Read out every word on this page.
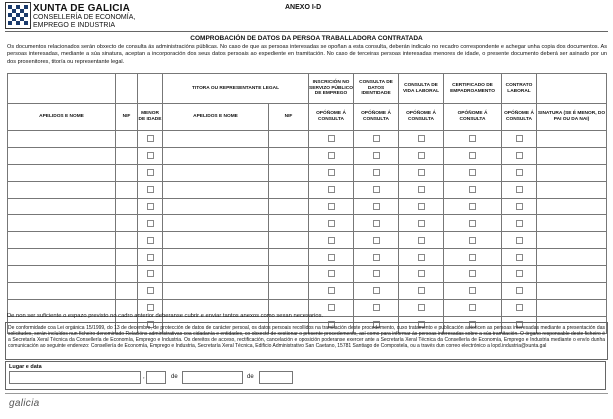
XUNTA DE GALICIA
CONSELLERÍA DE ECONOMÍA,
EMPREGO E INDUSTRIA
ANEXO I-D
COMPROBACIÓN DE DATOS DA PERSOA TRABALLADORA CONTRATADA
Os documentos relacionados serán obxecto de consulta ás administracións públicas. No caso de que as persoas interesadas se opoñan a esta consulta, deberán indicalo no recadro correspondente e achegar unha copia dos documentos. As persoas interesadas, mediante a súa sinatura, aceptan a incorporación dos seus datos persoais ao expediente en tramitación. No caso de terceiras persoas interesadas menores de idade, o presente documento deberá ser asinado por un dos proxenitores, titor/a ou representante legal.
			TITORA OU REPRESENTANTE LEGAL		INSCRICIÓN NO SERVIZO PÚBLICO DE EMPREGO	CONSULTA DE DATOS IDENTIDADE	CONSULTA DE VIDA LABORAL	CERTIFICADO DE EMPADROAMENTO	CONTRATO LABORAL	
APELIDOS E NOME	NIF	MENOR DE IDADE	APELIDOS E NOME	NIF	OPÓÑOME Á CONSULTA	OPÓÑOME Á CONSULTA	OPÓÑOME Á CONSULTA	OPÓÑOME Á CONSULTA	OPÓÑOME Á CONSULTA	SINATURA (SE É MENOR, DO PAI OU DA NAI)

De non ser suficiente o espazo previsto no cadro anterior deberanse cubrir e enviar tantos anexos como sexan necesarios.
De conformidade coa Lei orgánica 15/1999, do 13 de decembro, de protección de datos de carácter persoal, os datos persoais recollidos na tramitación deste procedemento, cuxo tratamento e publicación autoricen as persoas interesadas mediante a presentación das solicitudes, serán incluídos nun ficheiro denominado Relacións administrativas coa cidadanía e entidades, co obxecto de xestionar o presente procedemento, así como para informar ás persoas interesadas sobre a súa tramitación. O órgano responsable deste ficheiro é a Secretaría Xeral Técnica da Consellería de Economía, Emprego e Industria. Os dereitos de acceso, rectificación, cancelación e oposición poderanse exercer ante a Secretaría Xeral Técnica da Consellería de Economía, Emprego e Industria mediante o envío dunha comunicación ao seguinte enderezo: Consellería de Economía, Emprego e Industria, Secretaría Xeral Técnica, Edificio Administrativo San Caetano, 15781 Santiago de Compostela, ou a través dun correo electrónico a lopd.industria@xunta.gal
Lugar e data
,	de	de
galicia
